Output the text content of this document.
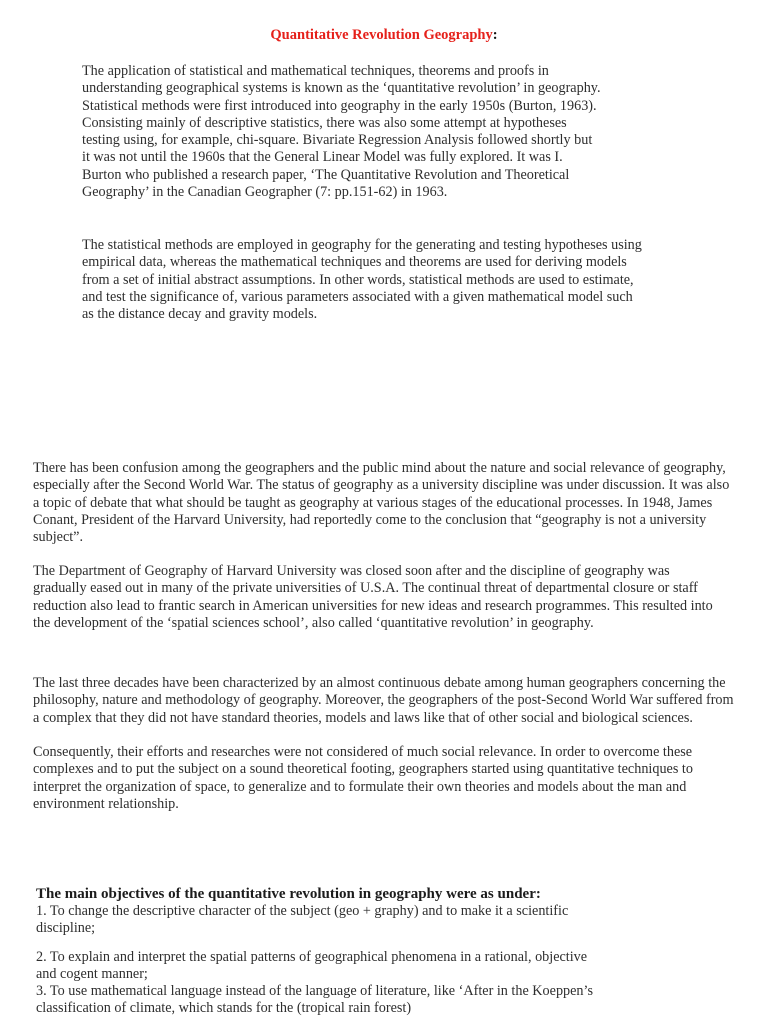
Quantitative Revolution Geography:

The application of statistical and mathematical techniques, theorems and proofs in understanding geographical systems is known as the ‘quantitative revolution’ in geography. Statistical methods were first introduced into geography in the early 1950s (Burton, 1963). Consisting mainly of descriptive statistics, there was also some attempt at hypotheses testing using, for example, chi-square. Bivariate Regression Analysis followed shortly but it was not until the 1960s that the General Linear Model was fully explored. It was I. Burton who published a research paper, ‘The Quantitative Revolution and Theoretical Geography’ in the Canadian Geographer (7: pp.151-62) in 1963.

The statistical methods are employed in geography for the generating and testing hypotheses using empirical data, whereas the mathematical techniques and theorems are used for deriving models from a set of initial abstract assumptions. In other words, statistical methods are used to estimate, and test the significance of, various parameters associated with a given mathematical model such as the distance decay and gravity models.

There has been confusion among the geographers and the public mind about the nature and social relevance of geography, especially after the Second World War. The status of geography as a university discipline was under discussion. It was also a topic of debate that what should be taught as geography at various stages of the educational processes. In 1948, James Conant, President of the Harvard University, had reportedly come to the conclusion that “geography is not a university subject”.

The Department of Geography of Harvard University was closed soon after and the discipline of geography was gradually eased out in many of the private universities of U.S.A. The continual threat of departmental closure or staff reduction also lead to frantic search in American universities for new ideas and research programmes. This resulted into the development of the ‘spatial sciences school’, also called ‘quantitative revolution’ in geography.

The last three decades have been characterized by an almost continuous debate among human geographers concerning the philosophy, nature and methodology of geography. Moreover, the geographers of the post-Second World War suffered from a complex that they did not have standard theories, models and laws like that of other social and biological sciences.

Consequently, their efforts and researches were not considered of much social relevance. In order to overcome these complexes and to put the subject on a sound theoretical footing, geographers started using quantitative techniques to interpret the organization of space, to generalize and to formulate their own theories and models about the man and environment relationship.

The main objectives of the quantitative revolution in geography were as under:

1. To change the descriptive character of the subject (geo + graphy) and to make it a scientific discipline;

2. To explain and interpret the spatial patterns of geographical phenomena in a rational, objective and cogent manner;

3. To use mathematical language instead of the language of literature, like ‘After in the Koeppen’s classification of climate, which stands for the (tropical rain forest)
